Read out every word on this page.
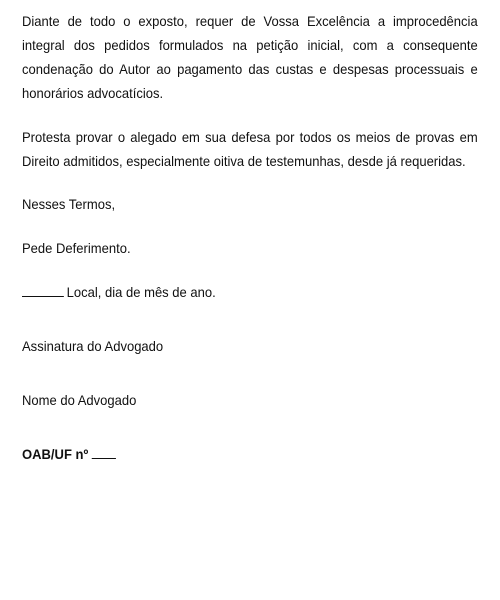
Diante de todo o exposto, requer de Vossa Excelência a improcedência integral dos pedidos formulados na petição inicial, com a consequente condenação do Autor ao pagamento das custas e despesas processuais e honorários advocatícios.

Protesta provar o alegado em sua defesa por todos os meios de provas em Direito admitidos, especialmente oitiva de testemunhas, desde já requeridas.

Nesses Termos,

Pede Deferimento.

Local, dia de mês de ano.

Assinatura do Advogado

Nome do Advogado

OAB/UF nº
